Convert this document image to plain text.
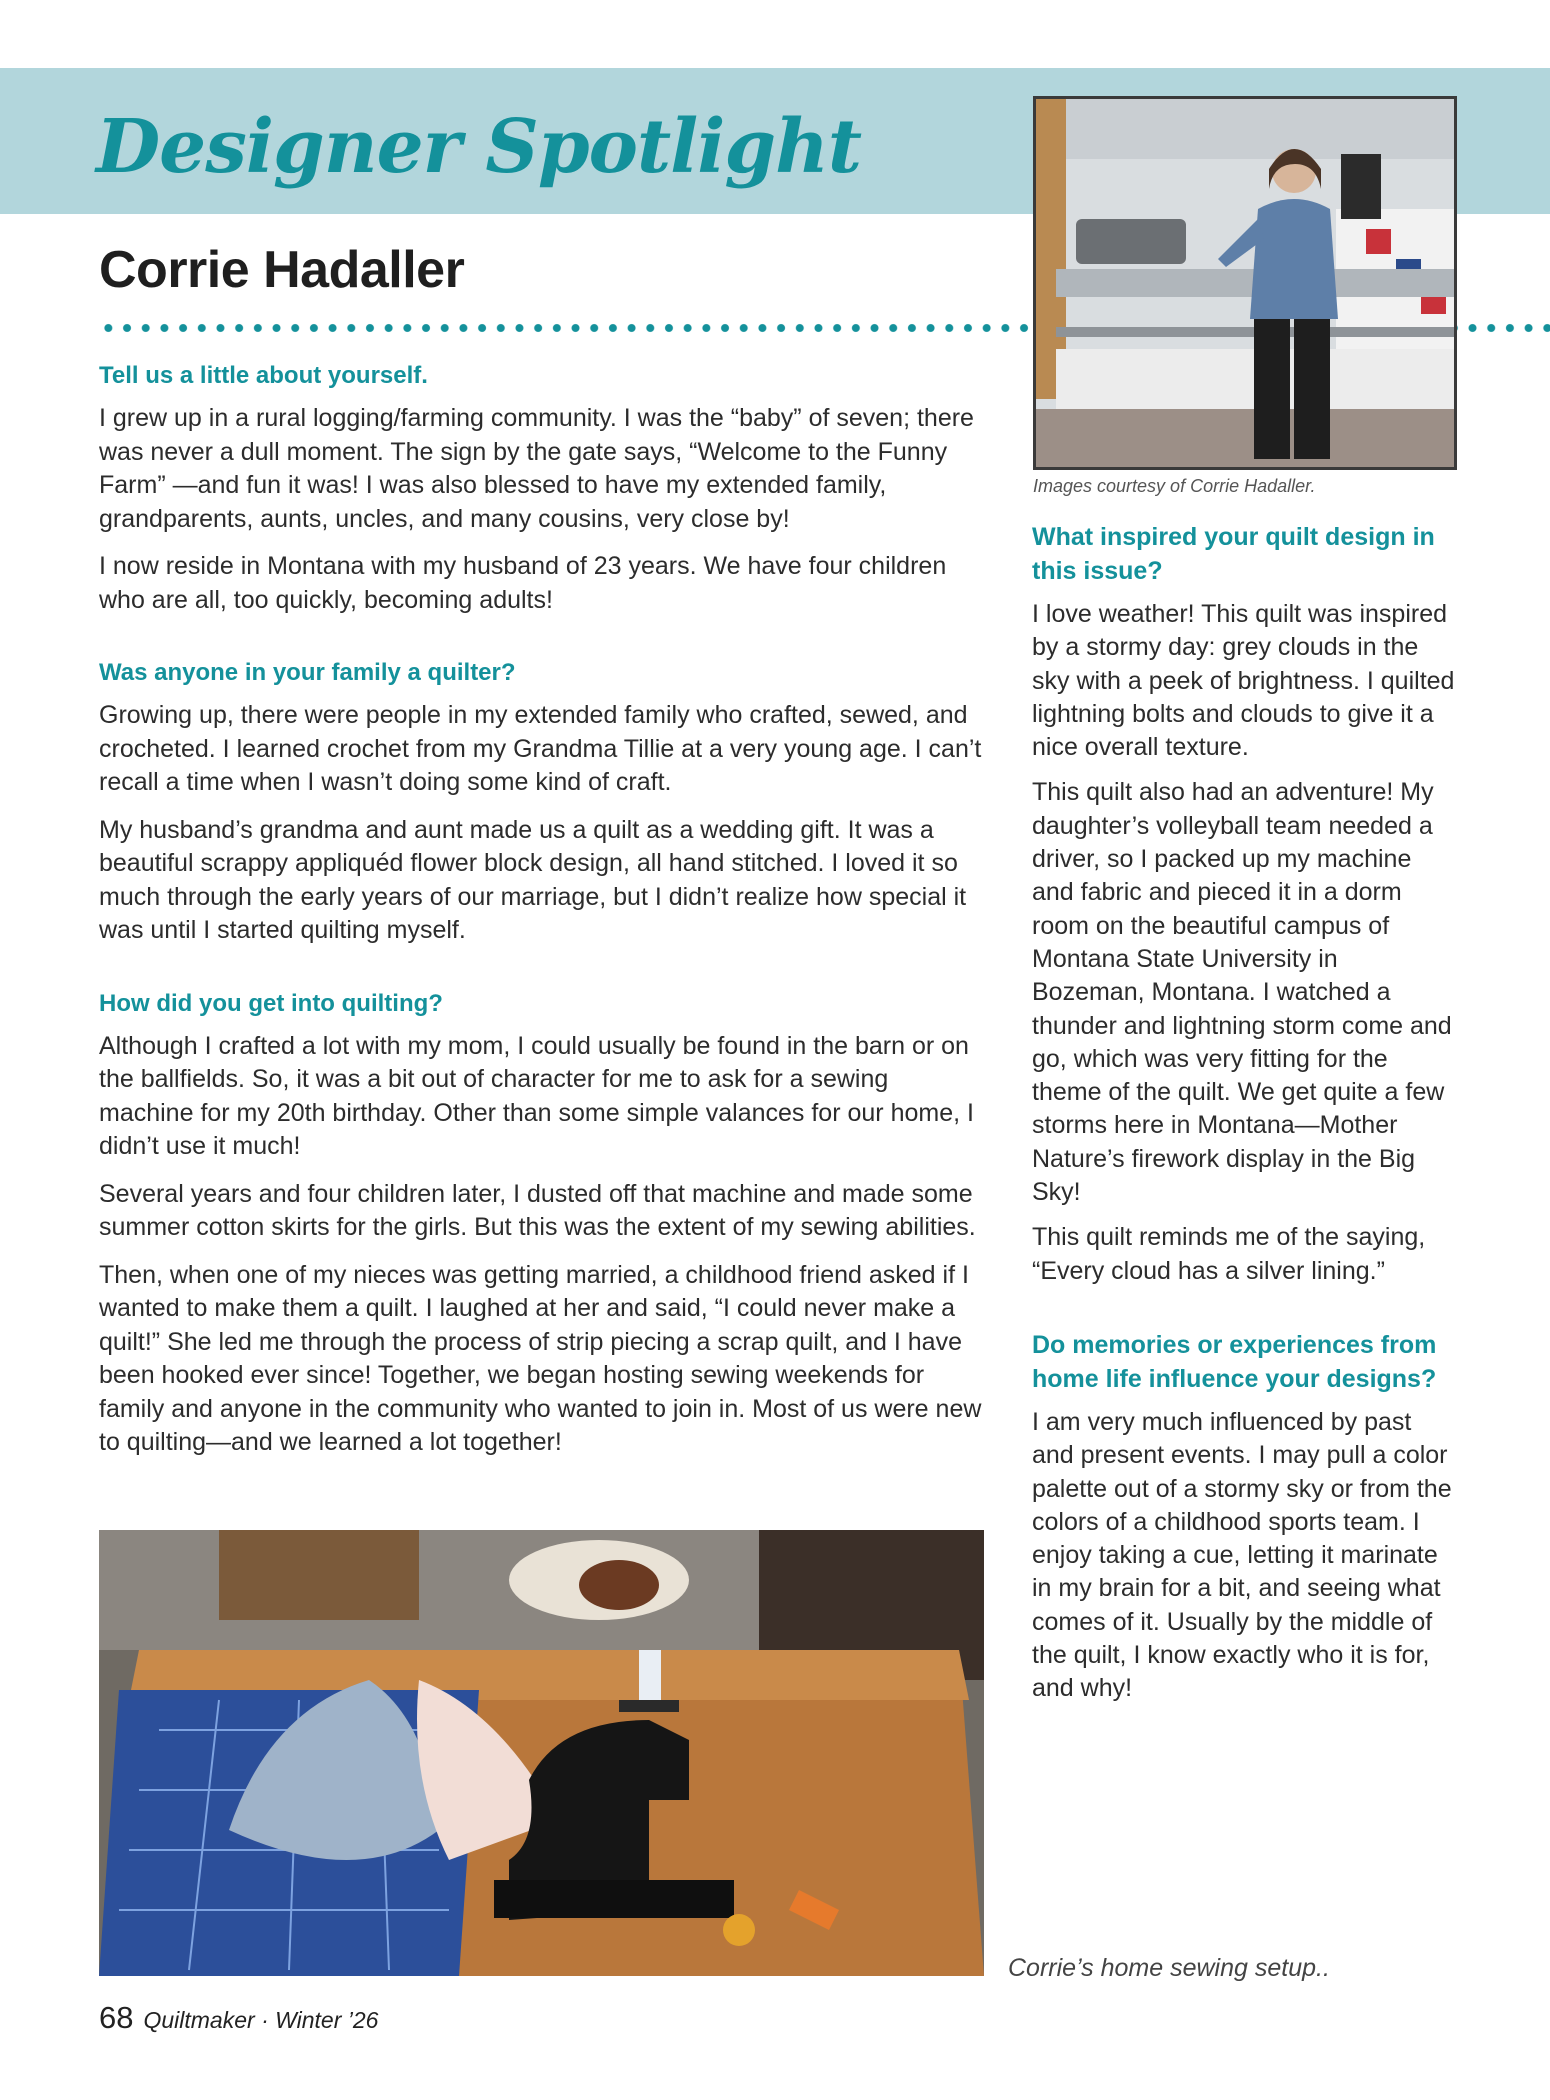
Designer Spotlight
Corrie Hadaller

Images courtesy of Corrie Hadaller.

Tell us a little about yourself.

I grew up in a rural logging/farming community. I was the “baby” of seven; there was never a dull moment. The sign by the gate says, “Welcome to the Funny Farm” —and fun it was! I was also blessed to have my extended family, grandparents, aunts, uncles, and many cousins, very close by!

I now reside in Montana with my husband of 23 years. We have four children who are all, too quickly, becoming adults!

Was anyone in your family a quilter?

Growing up, there were people in my extended family who crafted, sewed, and crocheted. I learned crochet from my Grandma Tillie at a very young age. I can’t recall a time when I wasn’t doing some kind of craft.

My husband’s grandma and aunt made us a quilt as a wedding gift. It was a beautiful scrappy appliquéd flower block design, all hand stitched. I loved it so much through the early years of our marriage, but I didn’t realize how special it was until I started quilting myself.

How did you get into quilting?

Although I crafted a lot with my mom, I could usually be found in the barn or on the ballfields. So, it was a bit out of character for me to ask for a sewing machine for my 20th birthday. Other than some simple valances for our home, I didn’t use it much!

Several years and four children later, I dusted off that machine and made some summer cotton skirts for the girls. But this was the extent of my sewing abilities.

Then, when one of my nieces was getting married, a childhood friend asked if I wanted to make them a quilt. I laughed at her and said, “I could never make a quilt!” She led me through the process of strip piecing a scrap quilt, and I have been hooked ever since! Together, we began hosting sewing weekends for family and anyone in the community who wanted to join in. Most of us were new to quilting—and we learned a lot together!

What inspired your quilt design in this issue?

I love weather! This quilt was inspired by a stormy day: grey clouds in the sky with a peek of brightness. I quilted lightning bolts and clouds to give it a nice overall texture.

This quilt also had an adventure! My daughter’s volleyball team needed a driver, so I packed up my machine and fabric and pieced it in a dorm room on the beautiful campus of Montana State University in Bozeman, Montana. I watched a thunder and lightning storm come and go, which was very fitting for the theme of the quilt. We get quite a few storms here in Montana—Mother Nature’s firework display in the Big Sky!

This quilt reminds me of the saying, “Every cloud has a silver lining.”

Do memories or experiences from home life influence your designs?

I am very much influenced by past and present events. I may pull a color palette out of a stormy sky or from the colors of a childhood sports team. I enjoy taking a cue, letting it marinate in my brain for a bit, and seeing what comes of it. Usually by the middle of the quilt, I know exactly who it is for, and why!

Corrie’s home sewing setup..

68 Quiltmaker · Winter ’26
